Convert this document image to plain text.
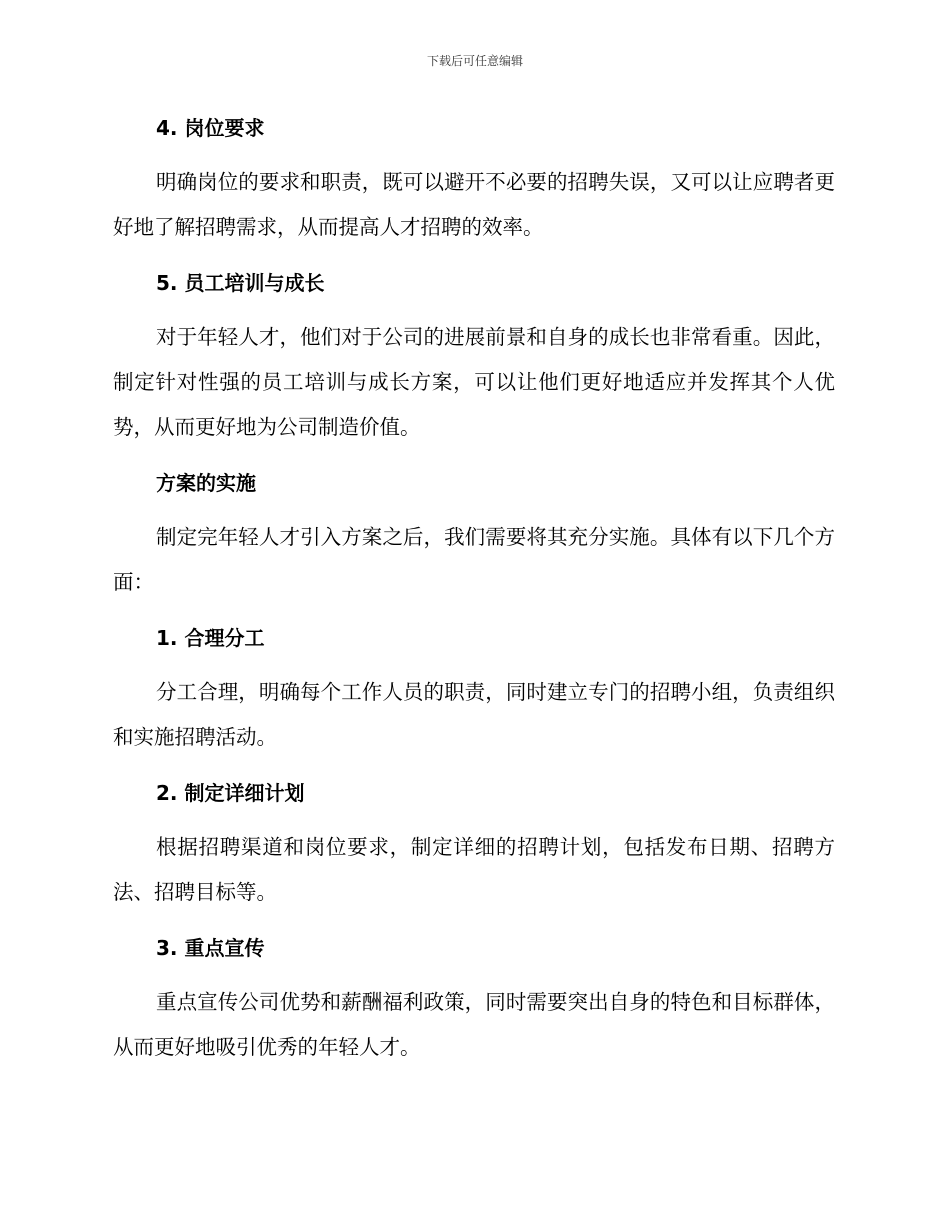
下载后可任意编辑
4. 岗位要求

明确岗位的要求和职责，既可以避开不必要的招聘失误，又可以让应聘者更好地了解招聘需求，从而提高人才招聘的效率。

5. 员工培训与成长

对于年轻人才，他们对于公司的进展前景和自身的成长也非常看重。因此，制定针对性强的员工培训与成长方案，可以让他们更好地适应并发挥其个人优势，从而更好地为公司制造价值。

方案的实施

制定完年轻人才引入方案之后，我们需要将其充分实施。具体有以下几个方面：

1. 合理分工

分工合理，明确每个工作人员的职责，同时建立专门的招聘小组，负责组织和实施招聘活动。

2. 制定详细计划

根据招聘渠道和岗位要求，制定详细的招聘计划，包括发布日期、招聘方法、招聘目标等。

3. 重点宣传

重点宣传公司优势和薪酬福利政策，同时需要突出自身的特色和目标群体，从而更好地吸引优秀的年轻人才。
